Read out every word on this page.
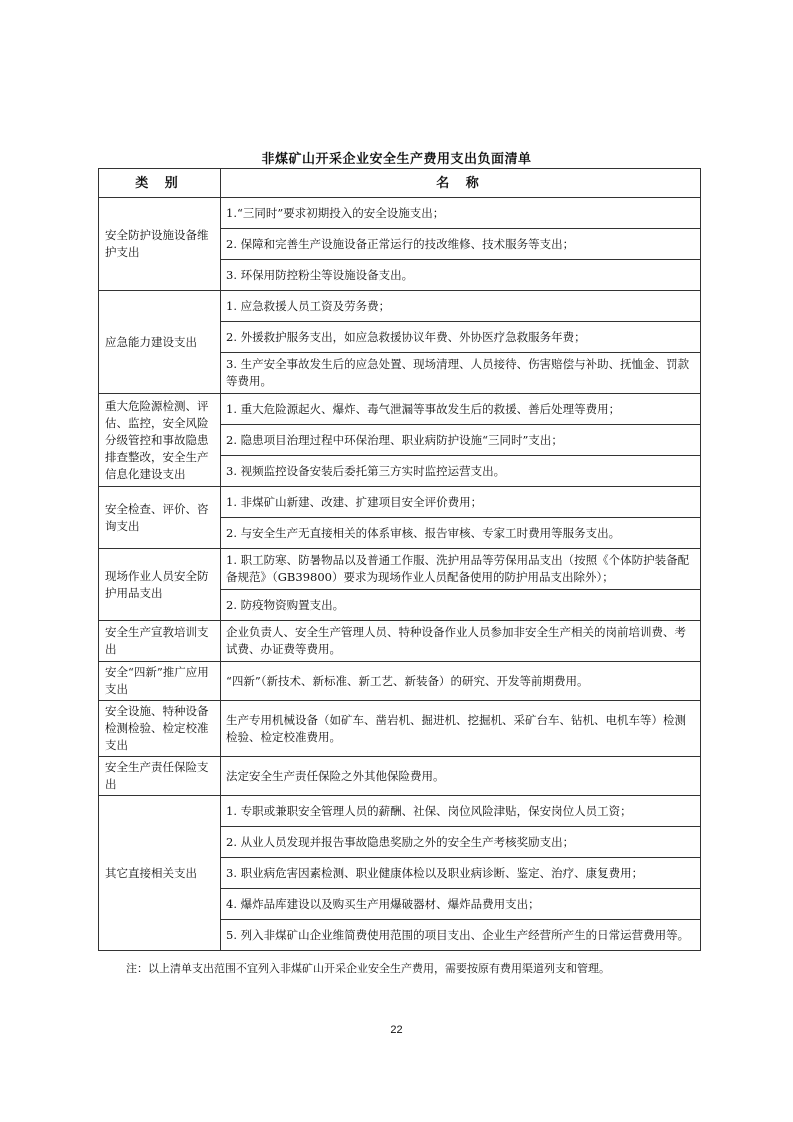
非煤矿山开采企业安全生产费用支出负面清单
类 别	名 称
安全防护设施设备维护支出	1.“三同时”要求初期投入的安全设施支出；
	2. 保障和完善生产设施设备正常运行的技改维修、技术服务等支出；
	3. 环保用防控粉尘等设施设备支出。
应急能力建设支出	1. 应急救援人员工资及劳务费；
	2. 外援救护服务支出，如应急救援协议年费、外协医疗急救服务年费；
	3. 生产安全事故发生后的应急处置、现场清理、人员接待、伤害赔偿与补助、抚恤金、罚款等费用。
重大危险源检测、评估、监控，安全风险分级管控和事故隐患排查整改，安全生产信息化建设支出	1. 重大危险源起火、爆炸、毒气泄漏等事故发生后的救援、善后处理等费用；
	2. 隐患项目治理过程中环保治理、职业病防护设施“三同时”支出；
	3. 视频监控设备安装后委托第三方实时监控运营支出。
安全检查、评价、咨询支出	1. 非煤矿山新建、改建、扩建项目安全评价费用；
	2. 与安全生产无直接相关的体系审核、报告审核、专家工时费用等服务支出。
现场作业人员安全防护用品支出	1. 职工防寒、防暑物品以及普通工作服、洗护用品等劳保用品支出（按照《个体防护装备配备规范》（GB39800）要求为现场作业人员配备使用的防护用品支出除外）；
	2. 防疫物资购置支出。
安全生产宣教培训支出	企业负责人、安全生产管理人员、特种设备作业人员参加非安全生产相关的岗前培训费、考试费、办证费等费用。
安全“四新”推广应用支出	“四新”（新技术、新标准、新工艺、新装备）的研究、开发等前期费用。
安全设施、特种设备检测检验、检定校准支出	生产专用机械设备（如矿车、凿岩机、掘进机、挖掘机、采矿台车、钻机、电机车等）检测检验、检定校准费用。
安全生产责任保险支出	法定安全生产责任保险之外其他保险费用。
其它直接相关支出	1. 专职或兼职安全管理人员的薪酬、社保、岗位风险津贴，保安岗位人员工资；
	2. 从业人员发现并报告事故隐患奖励之外的安全生产考核奖励支出；
	3. 职业病危害因素检测、职业健康体检以及职业病诊断、鉴定、治疗、康复费用；
	4. 爆炸品库建设以及购买生产用爆破器材、爆炸品费用支出；
	5. 列入非煤矿山企业维简费使用范围的项目支出、企业生产经营所产生的日常运营费用等。
注：以上清单支出范围不宜列入非煤矿山开采企业安全生产费用，需要按原有费用渠道列支和管理。
22
